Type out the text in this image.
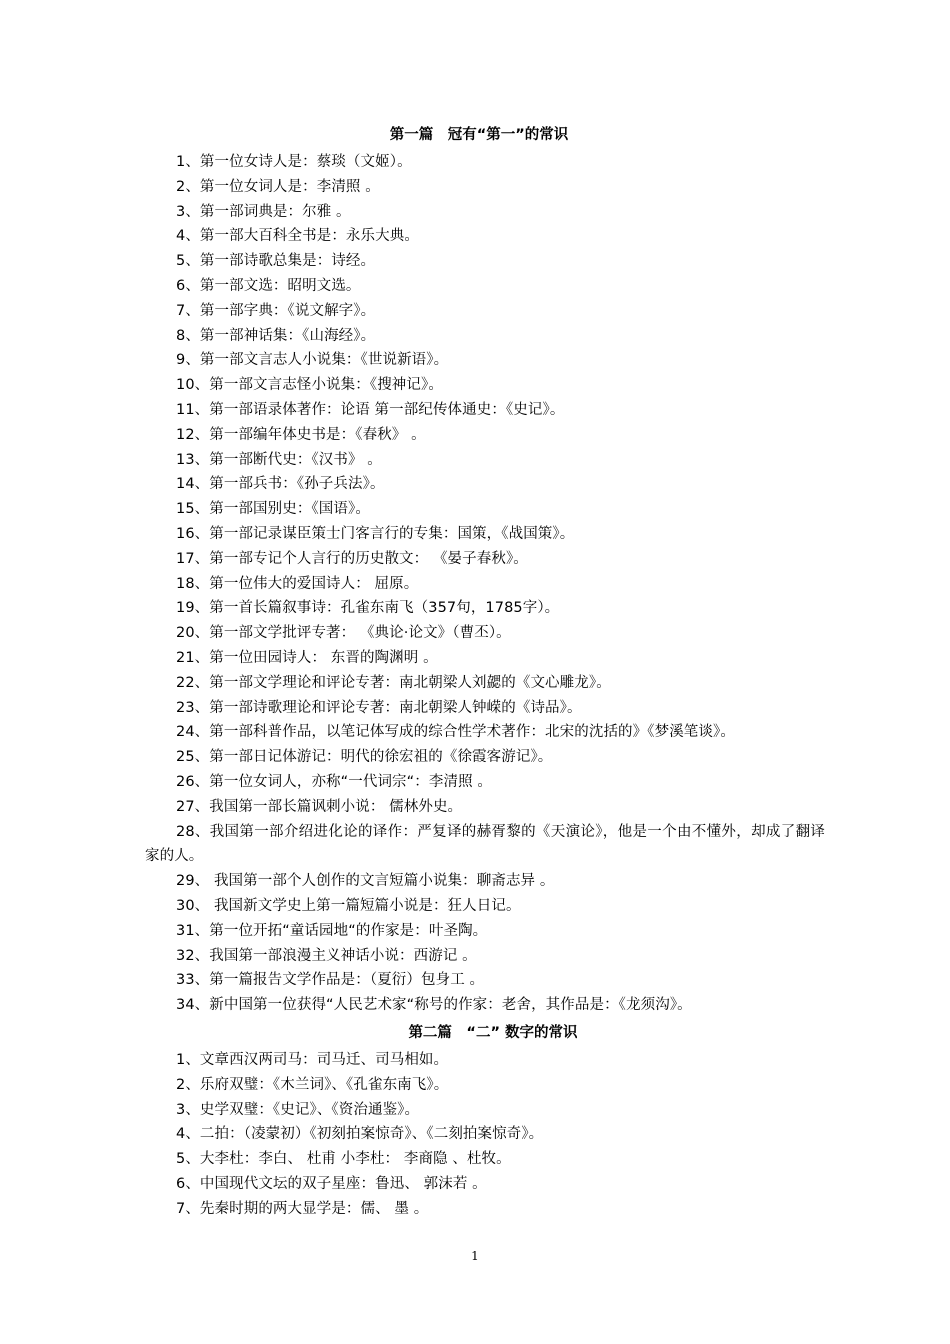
第一篇　冠有“第一”的常识

1、第一位女诗人是：蔡琰（文姬）。

2、第一位女词人是：李清照 。

3、第一部词典是：尔雅 。

4、第一部大百科全书是：永乐大典。

5、第一部诗歌总集是：诗经。

6、第一部文选：昭明文选。

7、第一部字典：《说文解字》。

8、第一部神话集：《山海经》。

9、第一部文言志人小说集：《世说新语》。

10、第一部文言志怪小说集：《搜神记》。

11、第一部语录体著作：论语 第一部纪传体通史：《史记》。

12、第一部编年体史书是：《春秋》 。

13、第一部断代史：《汉书》 。

14、第一部兵书：《孙子兵法》。

15、第一部国别史：《国语》。

16、第一部记录谋臣策士门客言行的专集：国策，《战国策》。

17、第一部专记个人言行的历史散文： 《晏子春秋》。

18、第一位伟大的爱国诗人： 屈原。

19、第一首长篇叙事诗：孔雀东南飞（357句，1785字）。

20、第一部文学批评专著： 《典论·论文》（曹丕）。

21、第一位田园诗人： 东晋的陶渊明 。

22、第一部文学理论和评论专著：南北朝梁人刘勰的《文心雕龙》。

23、第一部诗歌理论和评论专著：南北朝梁人钟嵘的《诗品》。

24、第一部科普作品，以笔记体写成的综合性学术著作：北宋的沈括的》《梦溪笔谈》。

25、第一部日记体游记：明代的徐宏祖的《徐霞客游记》。

26、第一位女词人，亦称“一代词宗“：李清照 。

27、我国第一部长篇讽刺小说： 儒林外史。

28、我国第一部介绍进化论的译作：严复译的赫胥黎的《天演论》，他是一个由不懂外，却成了翻译家的人。

29、 我国第一部个人创作的文言短篇小说集：聊斋志异 。

30、 我国新文学史上第一篇短篇小说是：狂人日记。

31、第一位开拓“童话园地“的作家是：叶圣陶。

32、我国第一部浪漫主义神话小说：西游记 。

33、第一篇报告文学作品是：（夏衍）包身工 。

34、新中国第一位获得“人民艺术家“称号的作家：老舍，其作品是：《龙须沟》。

第二篇　“二” 数字的常识

1、文章西汉两司马：司马迁、司马相如。

2、乐府双璧：《木兰词》、《孔雀东南飞》。

3、史学双璧：《史记》、《资治通鉴》。

4、二拍：（凌蒙初）《初刻拍案惊奇》、《二刻拍案惊奇》。

5、大李杜：李白、 杜甫 小李杜： 李商隐 、杜牧。

6、中国现代文坛的双子星座：鲁迅、 郭沫若 。

7、先秦时期的两大显学是：儒、 墨 。

1
